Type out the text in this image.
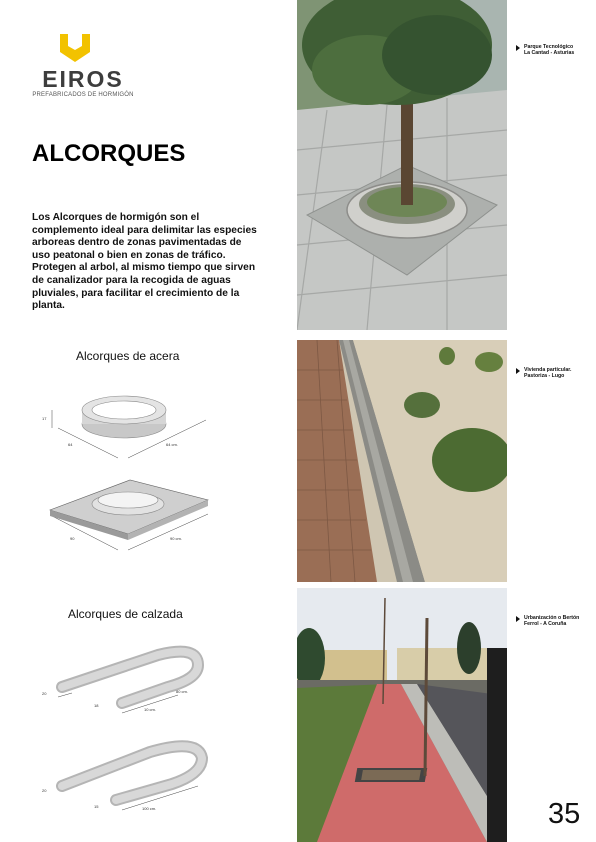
EIROS
PREFABRICADOS DE HORMIGÓN
ALCORQUES
Los Alcorques de hormigón son el complemento ideal para delimitar las especies arboreas dentro de zonas pavimentadas de uso peatonal o bien en zonas de tráfico. Protegen al arbol, al mismo tiempo que sirven de canalizador para la recogida de aguas pluviales, para facilitar el crecimiento de la planta.
Alcorques de acera
17
64	64 cm.
90	90 cm.
Alcorques de calzada
20
18
80 cm.
10 cm.
20
15	100 cm.
Parque Tecnológico
La Cantad - Asturias
Vivienda particular.
Pastoriza - Lugo
Urbanización o Bertón
Ferrol - A Coruña
35
